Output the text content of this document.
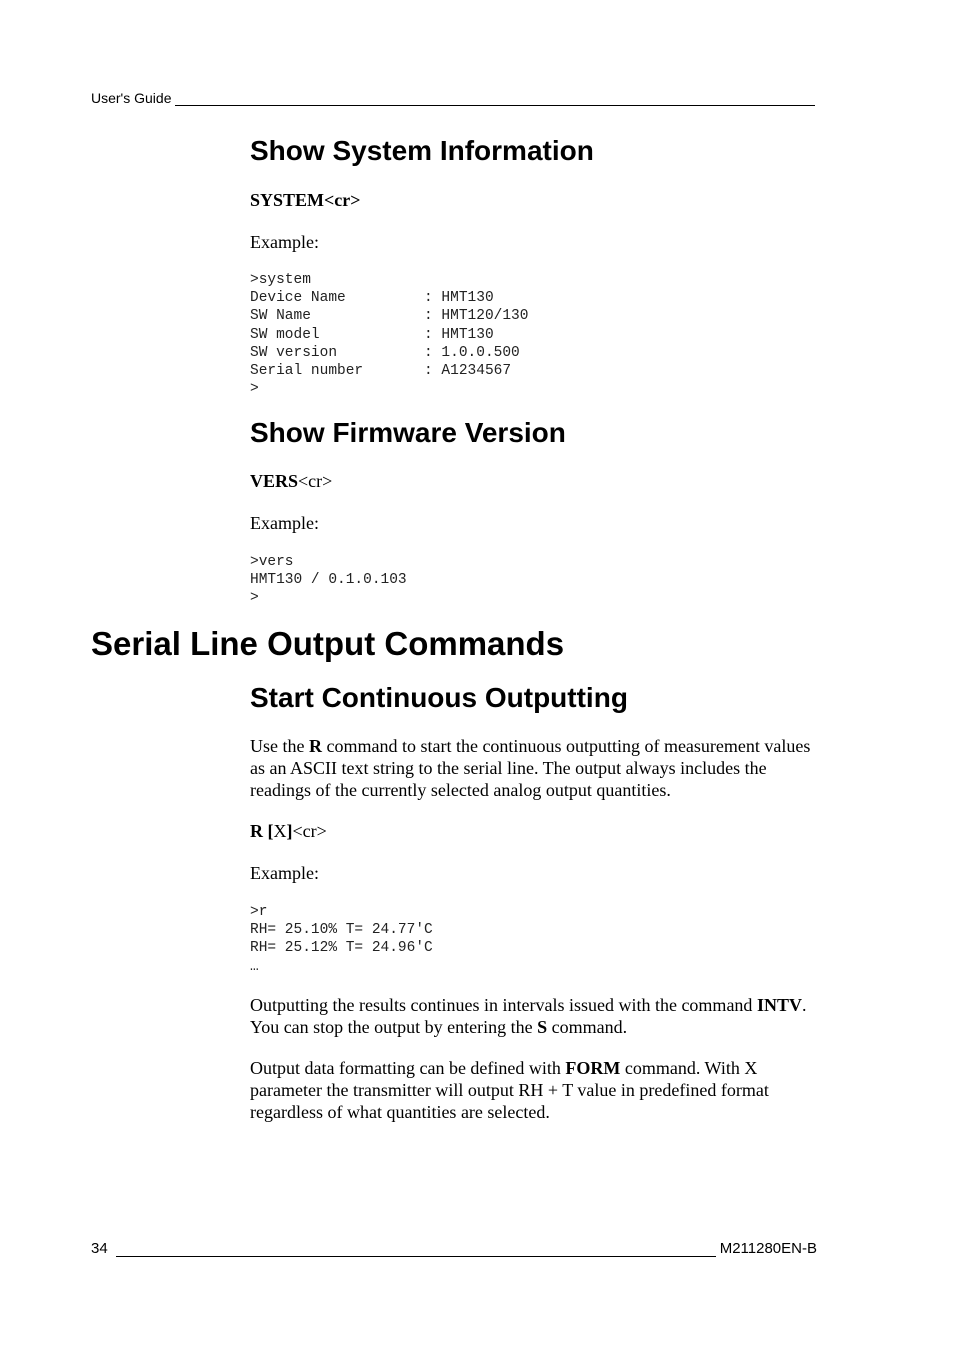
User's Guide
Show System Information

SYSTEM<cr>

Example:

>system
Device Name         : HMT130
SW Name             : HMT120/130
SW model            : HMT130
SW version          : 1.0.0.500
Serial number       : A1234567
>
Show Firmware Version

VERS<cr>

Example:

>vers
HMT130 / 0.1.0.103
>
Serial Line Output Commands
Start Continuous Outputting

Use the R command to start the continuous outputting of measurement values as an ASCII text string to the serial line. The output always includes the readings of the currently selected analog output quantities.

R [X]<cr>

Example:

>r
RH= 25.10% T= 24.77'C
RH= 25.12% T= 24.96'C
…

Outputting the results continues in intervals issued with the command INTV. You can stop the output by entering the S command.

Output data formatting can be defined with FORM command. With X parameter the transmitter will output RH + T value in predefined format regardless of what quantities are selected.

34	M211280EN-B
